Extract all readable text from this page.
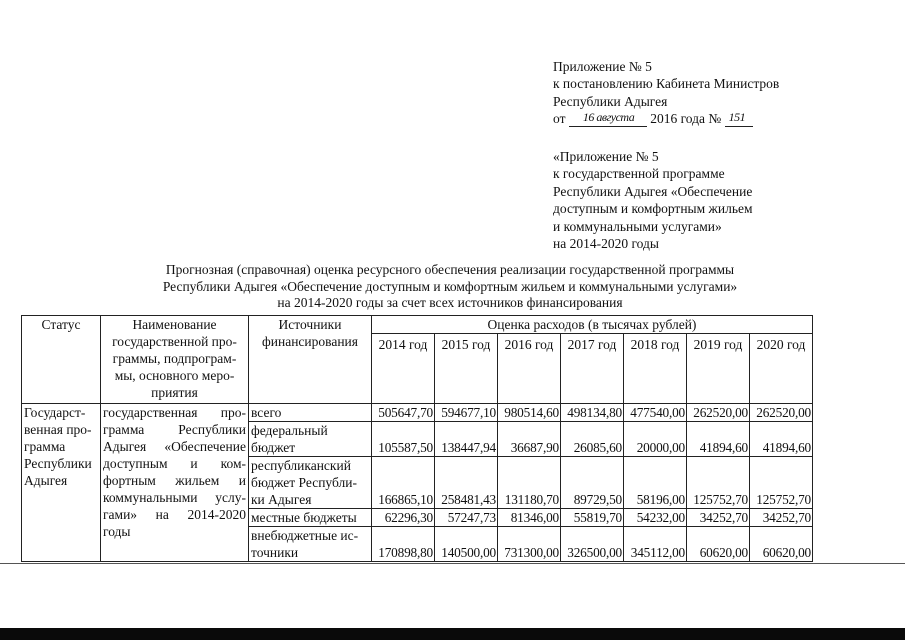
Приложение № 5
к постановлению Кабинета Министров
Республики Адыгея
от 16 августа 2016 года № 151
«Приложение № 5
к государственной программе
Республики Адыгея «Обеспечение
доступным и комфортным жильем
и коммунальными услугами»
на 2014-2020 годы
Прогнозная (справочная) оценка ресурсного обеспечения реализации государственной программы
Республики Адыгея «Обеспечение доступным и комфортным жильем и коммунальными услугами»
на 2014-2020 годы за счет всех источников финансирования
Статус	Наименование государственной про-граммы, подпрограм-мы, основного меро-приятия	Источники финансирования	Оценка расходов (в тысячах рублей)						
			2014 год	2015 год	2016 год	2017 год	2018 год	2019 год	2020 год
Государст-венная про-грамма Республики Адыгея	государственная про-грамма Республики Адыгея «Обеспечение доступным и ком-фортным жильем и коммунальными услу-гами» на 2014-2020 годы	всего	505647,70	594677,10	980514,60	498134,80	477540,00	262520,00	262520,00
		федеральный бюджет	105587,50	138447,94	36687,90	26085,60	20000,00	41894,60	41894,60
		республиканский бюджет Республи-ки Адыгея	166865,10	258481,43	131180,70	89729,50	58196,00	125752,70	125752,70
		местные бюджеты	62296,30	57247,73	81346,00	55819,70	54232,00	34252,70	34252,70
		внебюджетные ис-точники	170898,80	140500,00	731300,00	326500,00	345112,00	60620,00	60620,00
